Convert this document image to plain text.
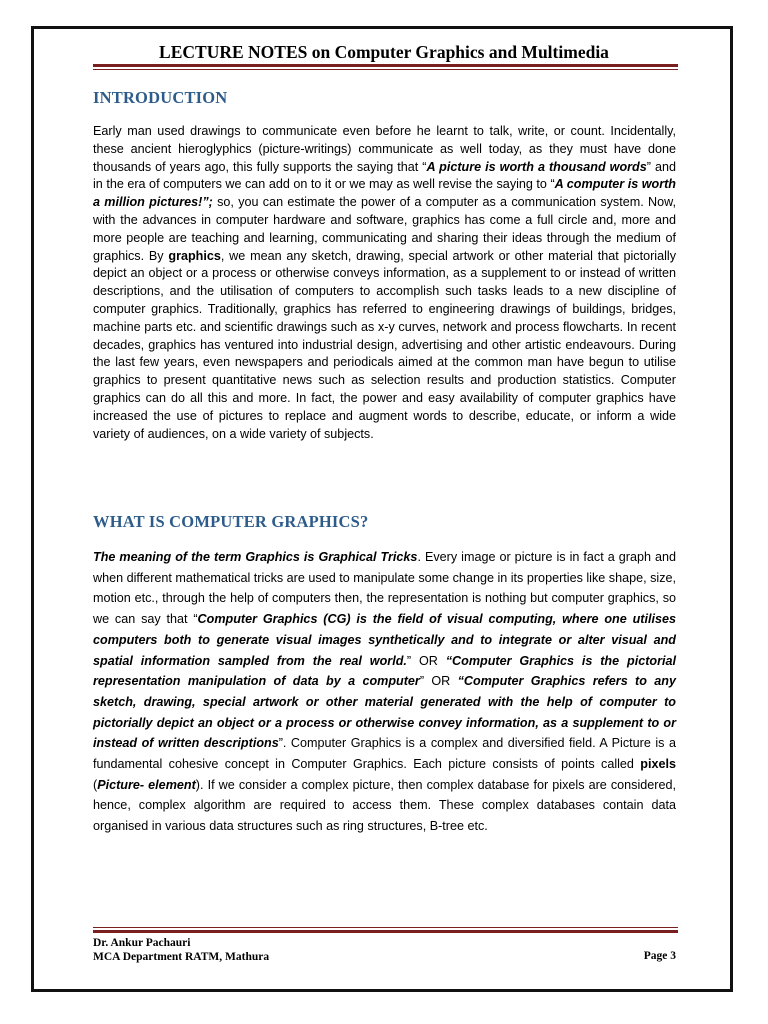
LECTURE NOTES on Computer Graphics and Multimedia
INTRODUCTION
Early man used drawings to communicate even before he learnt to talk, write, or count. Incidentally, these ancient hieroglyphics (picture-writings) communicate as well today, as they must have done thousands of years ago, this fully supports the saying that “A picture is worth a thousand words” and in the era of computers we can add on to it or we may as well revise the saying to “A computer is worth a million pictures!”; so, you can estimate the power of a computer as a communication system. Now, with the advances in computer hardware and software, graphics has come a full circle and, more and more people are teaching and learning, communicating and sharing their ideas through the medium of graphics. By graphics, we mean any sketch, drawing, special artwork or other material that pictorially depict an object or a process or otherwise conveys information, as a supplement to or instead of written descriptions, and the utilisation of computers to accomplish such tasks leads to a new discipline of computer graphics. Traditionally, graphics has referred to engineering drawings of buildings, bridges, machine parts etc. and scientific drawings such as x-y curves, network and process flowcharts. In recent decades, graphics has ventured into industrial design, advertising and other artistic endeavours. During the last few years, even newspapers and periodicals aimed at the common man have begun to utilise graphics to present quantitative news such as selection results and production statistics. Computer graphics can do all this and more. In fact, the power and easy availability of computer graphics have increased the use of pictures to replace and augment words to describe, educate, or inform a wide variety of audiences, on a wide variety of subjects.
WHAT IS COMPUTER GRAPHICS?
The meaning of the term Graphics is Graphical Tricks. Every image or picture is in fact a graph and when different mathematical tricks are used to manipulate some change in its properties like shape, size, motion etc., through the help of computers then, the representation is nothing but computer graphics, so we can say that “Computer Graphics (CG) is the field of visual computing, where one utilises computers both to generate visual images synthetically and to integrate or alter visual and spatial information sampled from the real world.” OR “Computer Graphics is the pictorial representation manipulation of data by a computer” OR “Computer Graphics refers to any sketch, drawing, special artwork or other material generated with the help of computer to pictorially depict an object or a process or otherwise convey information, as a supplement to or instead of written descriptions”. Computer Graphics is a complex and diversified field. A Picture is a fundamental cohesive concept in Computer Graphics. Each picture consists of points called pixels (Picture- element). If we consider a complex picture, then complex database for pixels are considered, hence, complex algorithm are required to access them. These complex databases contain data organised in various data structures such as ring structures, B-tree etc.
Dr. Ankur Pachauri
MCA Department RATM, Mathura	Page 3
